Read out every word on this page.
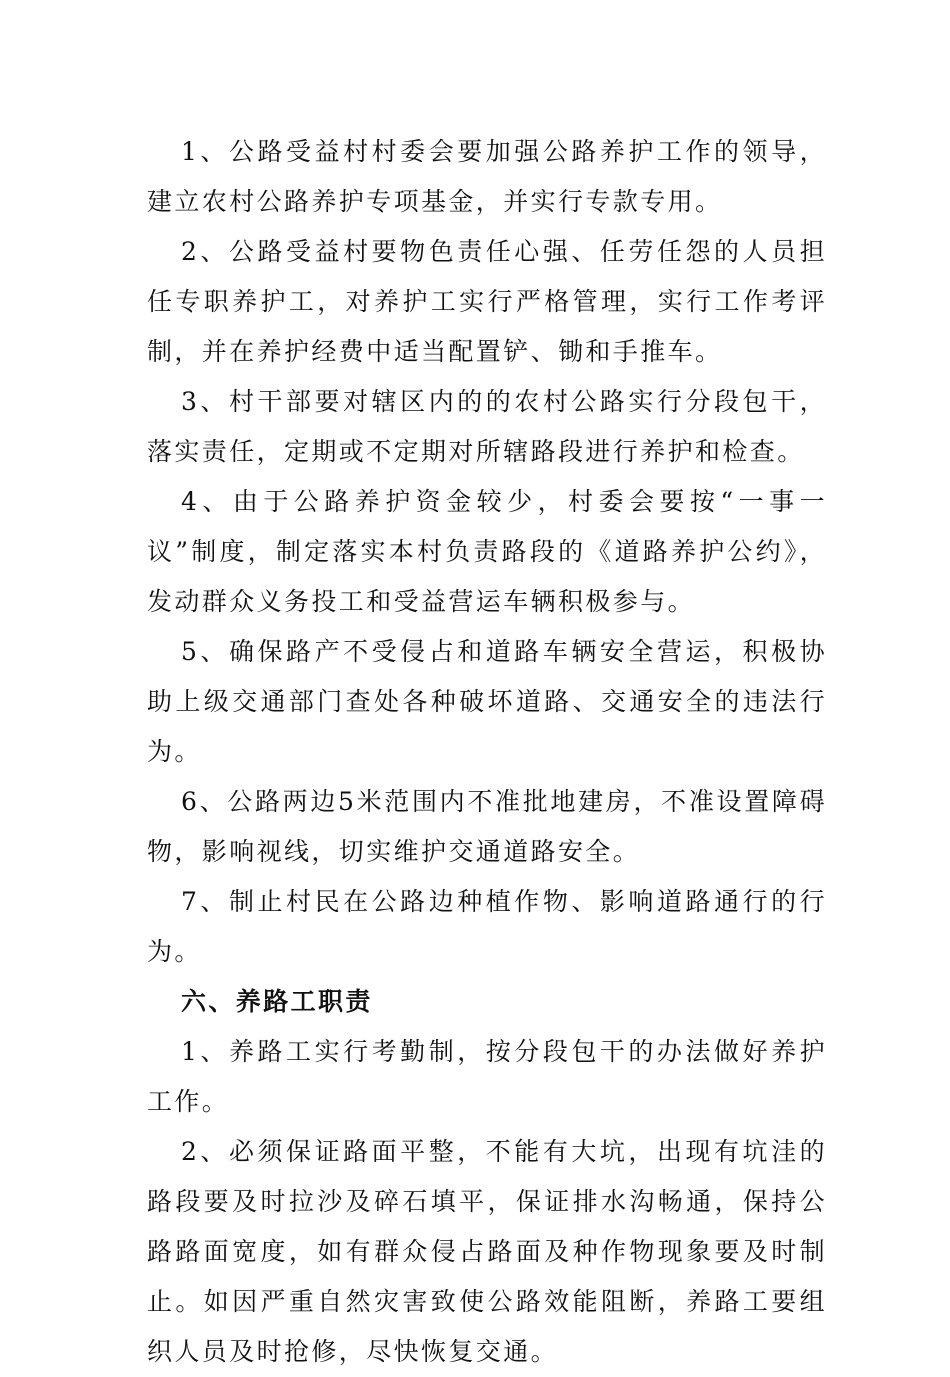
1、公路受益村村委会要加强公路养护工作的领导，建立农村公路养护专项基金，并实行专款专用。

2、公路受益村要物色责任心强、任劳任怨的人员担任专职养护工，对养护工实行严格管理，实行工作考评制，并在养护经费中适当配置铲、锄和手推车。

3、村干部要对辖区内的的农村公路实行分段包干，落实责任，定期或不定期对所辖路段进行养护和检查。

4、由于公路养护资金较少，村委会要按“一事一议”制度，制定落实本村负责路段的《道路养护公约》，发动群众义务投工和受益营运车辆积极参与。

5、确保路产不受侵占和道路车辆安全营运，积极协助上级交通部门查处各种破坏道路、交通安全的违法行为。

6、公路两边5米范围内不准批地建房，不准设置障碍物，影响视线，切实维护交通道路安全。

7、制止村民在公路边种植作物、影响道路通行的行为。

六、养路工职责

1、养路工实行考勤制，按分段包干的办法做好养护工作。

2、必须保证路面平整，不能有大坑，出现有坑洼的路段要及时拉沙及碎石填平，保证排水沟畅通，保持公路路面宽度，如有群众侵占路面及种作物现象要及时制止。如因严重自然灾害致使公路效能阻断，养路工要组织人员及时抢修，尽快恢复交通。
